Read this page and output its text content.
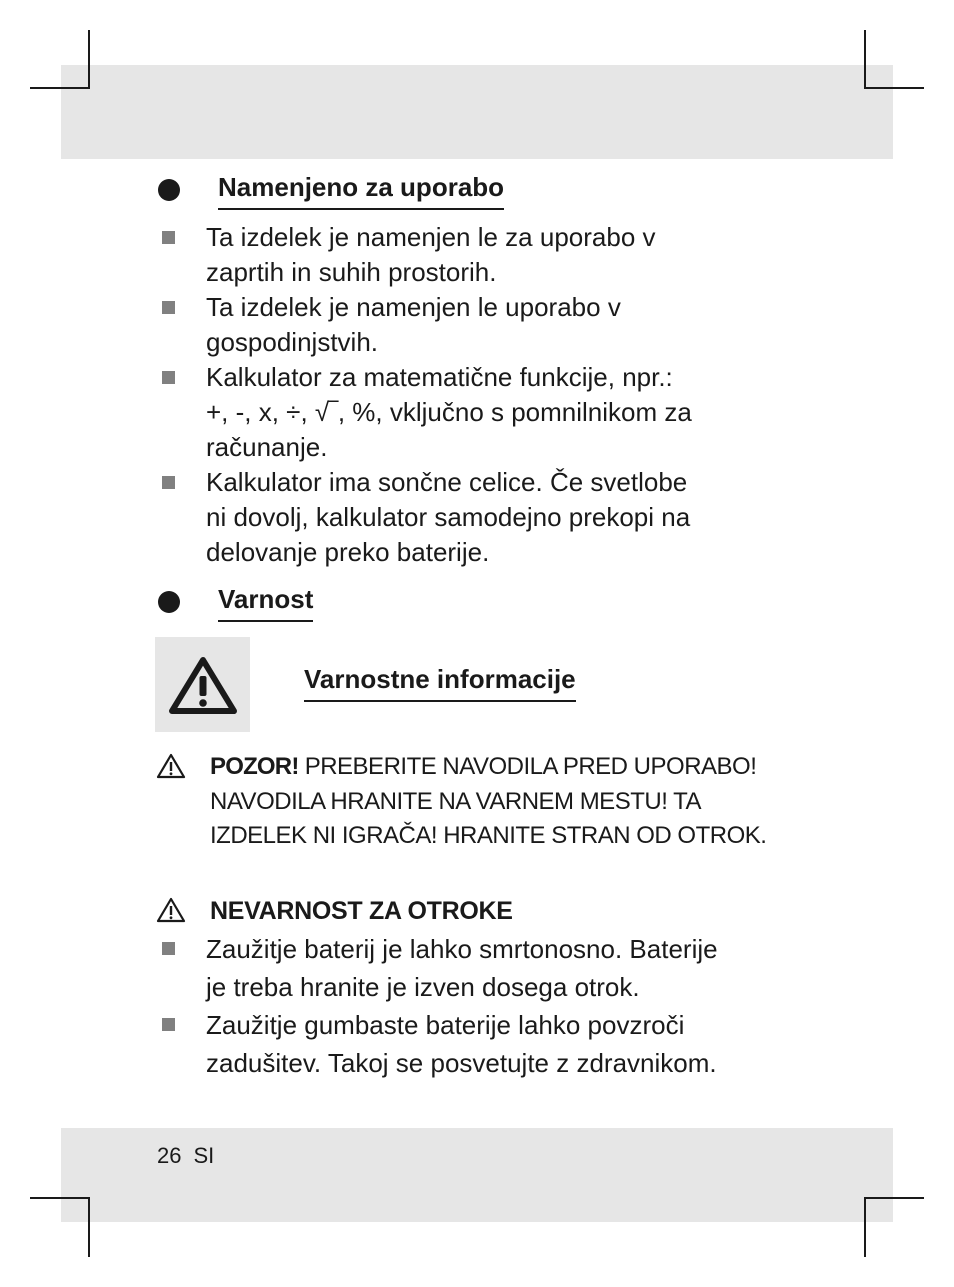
Namenjeno za uporabo
Ta izdelek je namenjen le za uporabo v
zaprtih in suhih prostorih.
Ta izdelek je namenjen le uporabo v
gospodinjstvih.
Kalkulator za matematične funkcije, npr.:
+, -, x, ÷, √‾, %, vključno s pomnilnikom za
računanje.
Kalkulator ima sončne celice. Če svetlobe
ni dovolj, kalkulator samodejno prekopi na
delovanje preko baterije.
Varnost
Varnostne informacije
POZOR! PREBERITE NAVODILA PRED UPORABO!
NAVODILA HRANITE NA VARNEM MESTU! TA
IZDELEK NI IGRAČA! HRANITE STRAN OD OTROK.
NEVARNOST ZA OTROKE
Zaužitje baterij je lahko smrtonosno. Baterije
je treba hranite je izven dosega otrok.
Zaužitje gumbaste baterije lahko povzroči
zadušitev. Takoj se posvetujte z zdravnikom.
26 SI
